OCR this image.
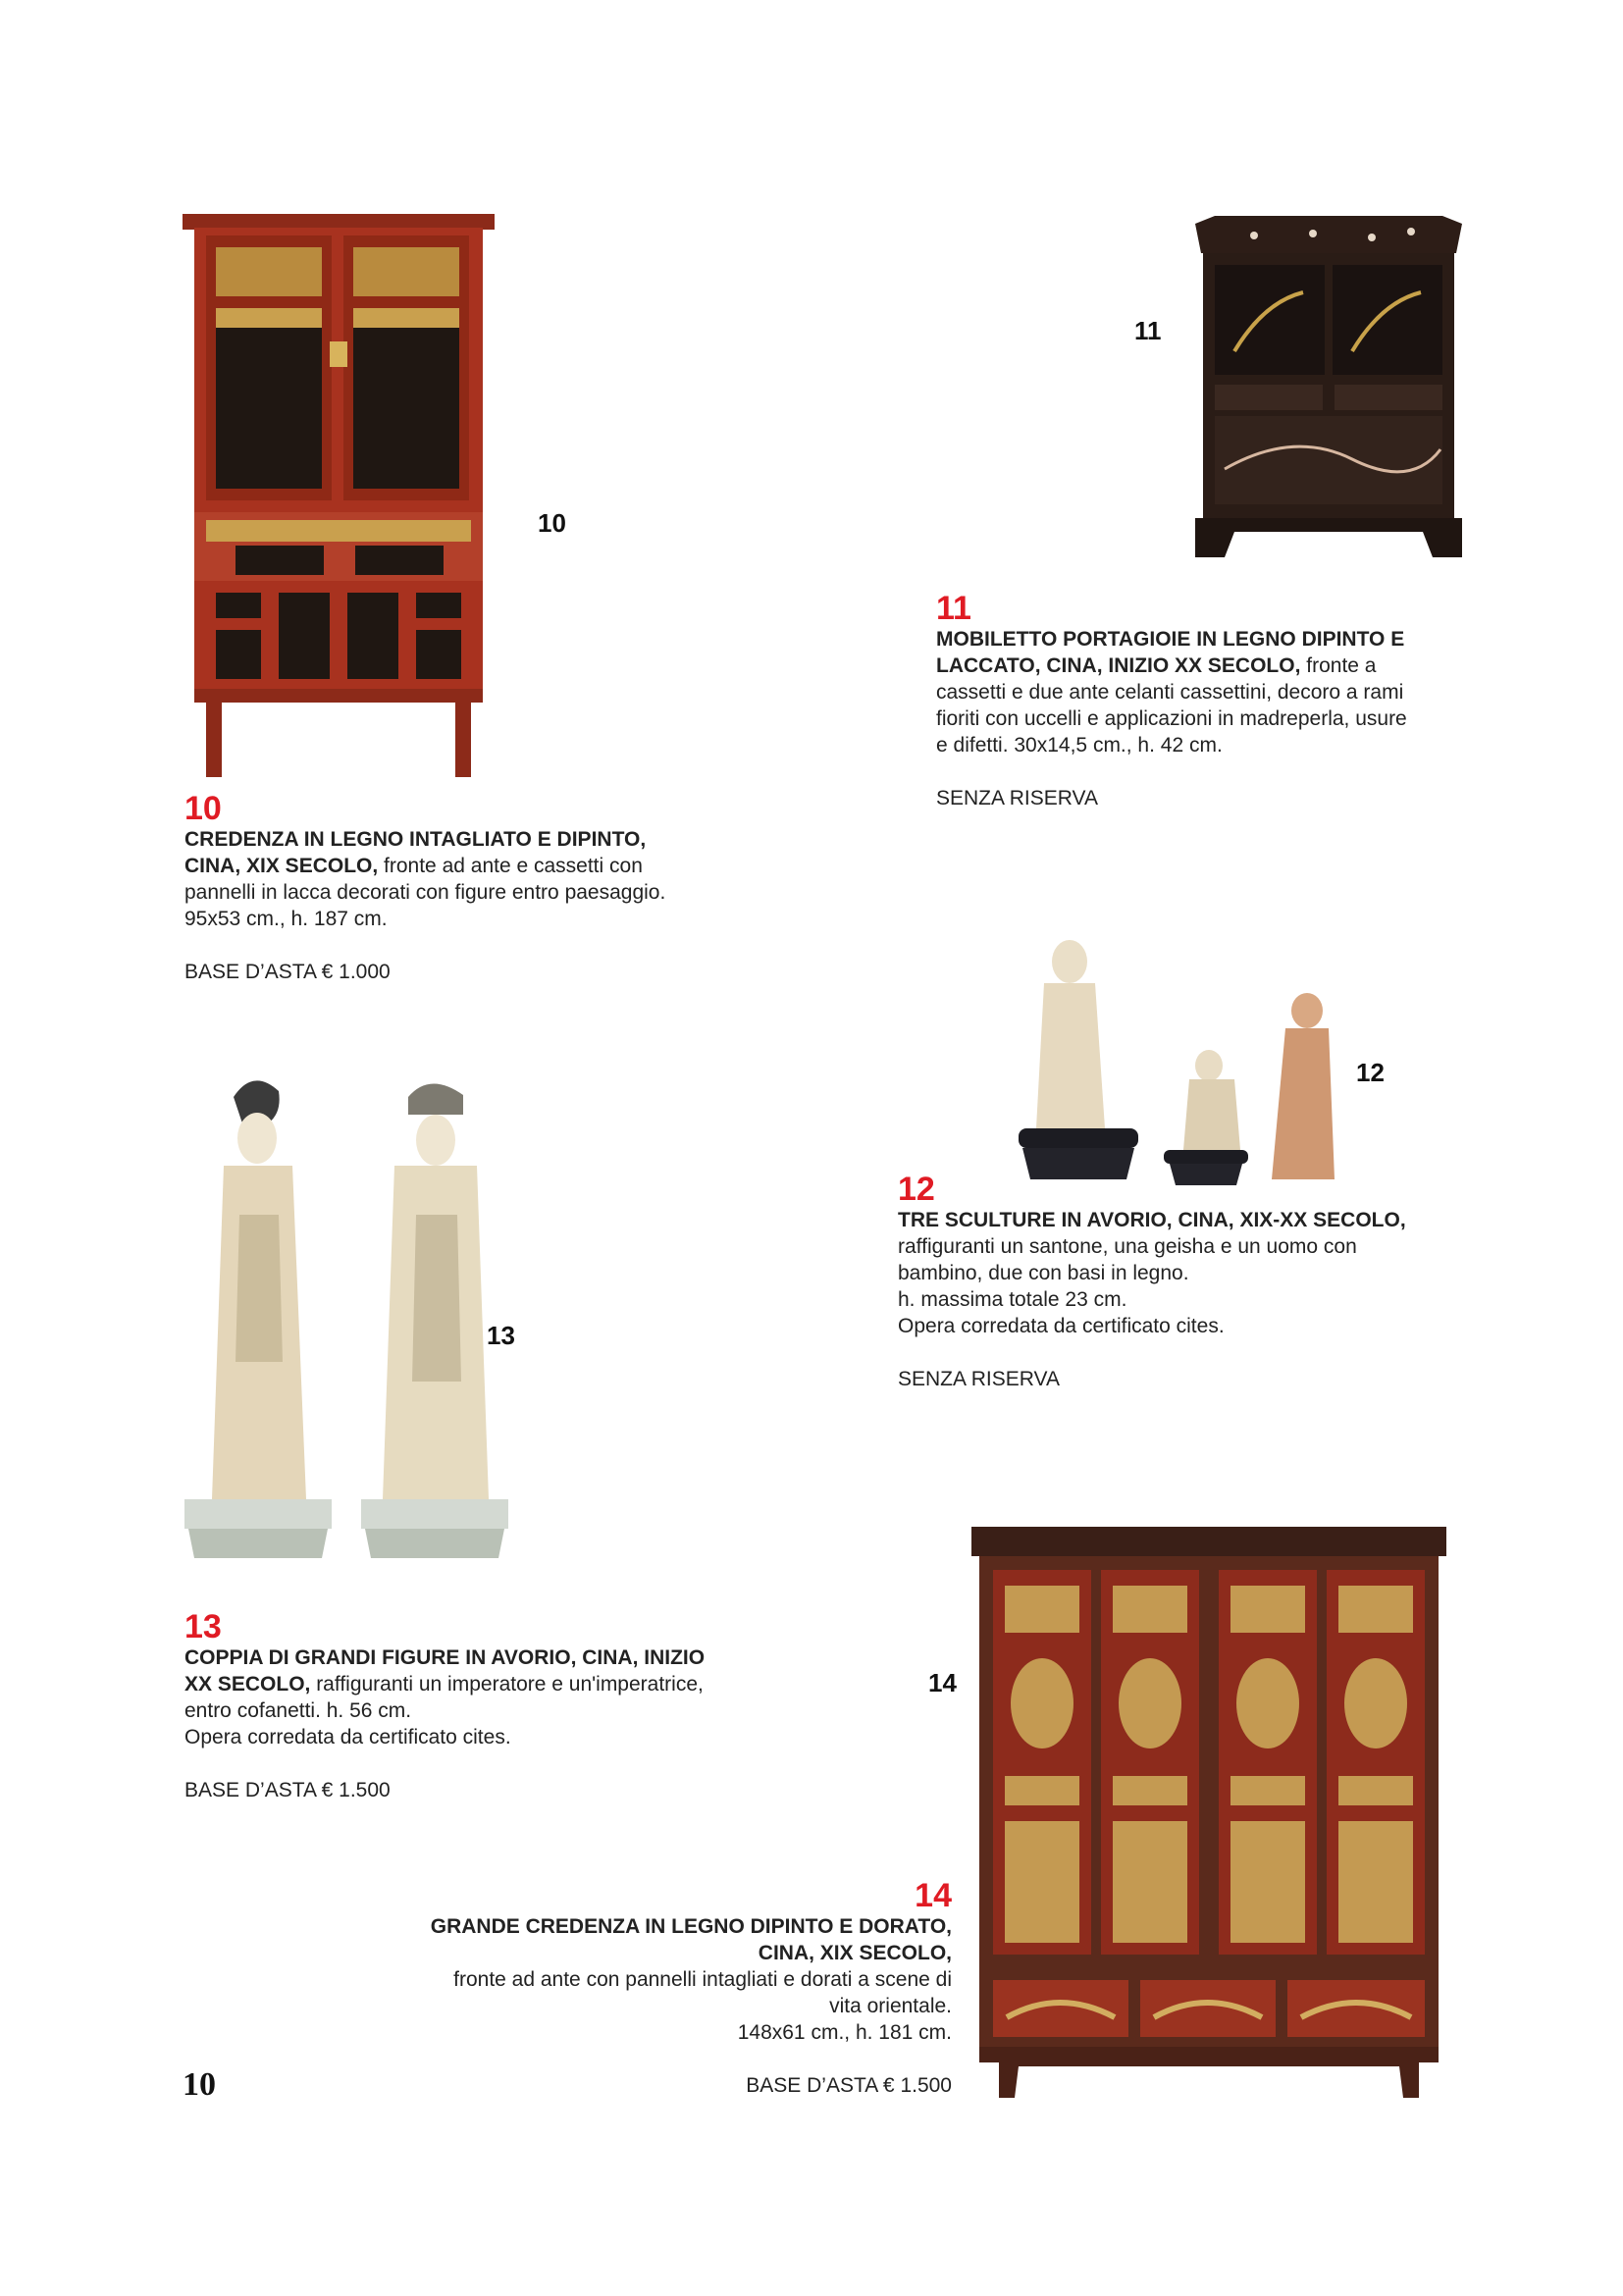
10
11
11
MOBILETTO PORTAGIOIE IN LEGNO DIPINTO E
LACCATO, CINA, INIZIO XX SECOLO, fronte a
cassetti e due ante celanti cassettini, decoro a rami
fioriti con uccelli e applicazioni in madreperla, usure
e difetti. 30x14,5 cm., h. 42 cm.
SENZA RISERVA
10
CREDENZA IN LEGNO INTAGLIATO E DIPINTO,
CINA, XIX SECOLO, fronte ad ante e cassetti con
pannelli in lacca decorati con figure entro paesaggio.
95x53 cm., h. 187 cm.
BASE D’ASTA € 1.000
12
12
TRE SCULTURE IN AVORIO, CINA, XIX-XX SECOLO,
raffiguranti un santone, una geisha e un uomo con
bambino, due con basi in legno.
h. massima totale 23 cm.
Opera corredata da certificato cites.
SENZA RISERVA
13
13
COPPIA DI GRANDI FIGURE IN AVORIO, CINA, INIZIO
XX SECOLO, raffiguranti un imperatore e un'imperatrice,
entro cofanetti. h. 56 cm.
Opera corredata da certificato cites.
BASE D’ASTA € 1.500
14
14
GRANDE CREDENZA IN LEGNO DIPINTO E DORATO,
CINA, XIX SECOLO,
fronte ad ante con pannelli intagliati e dorati a scene di
vita orientale.
148x61 cm., h. 181 cm.
BASE D’ASTA € 1.500
10
